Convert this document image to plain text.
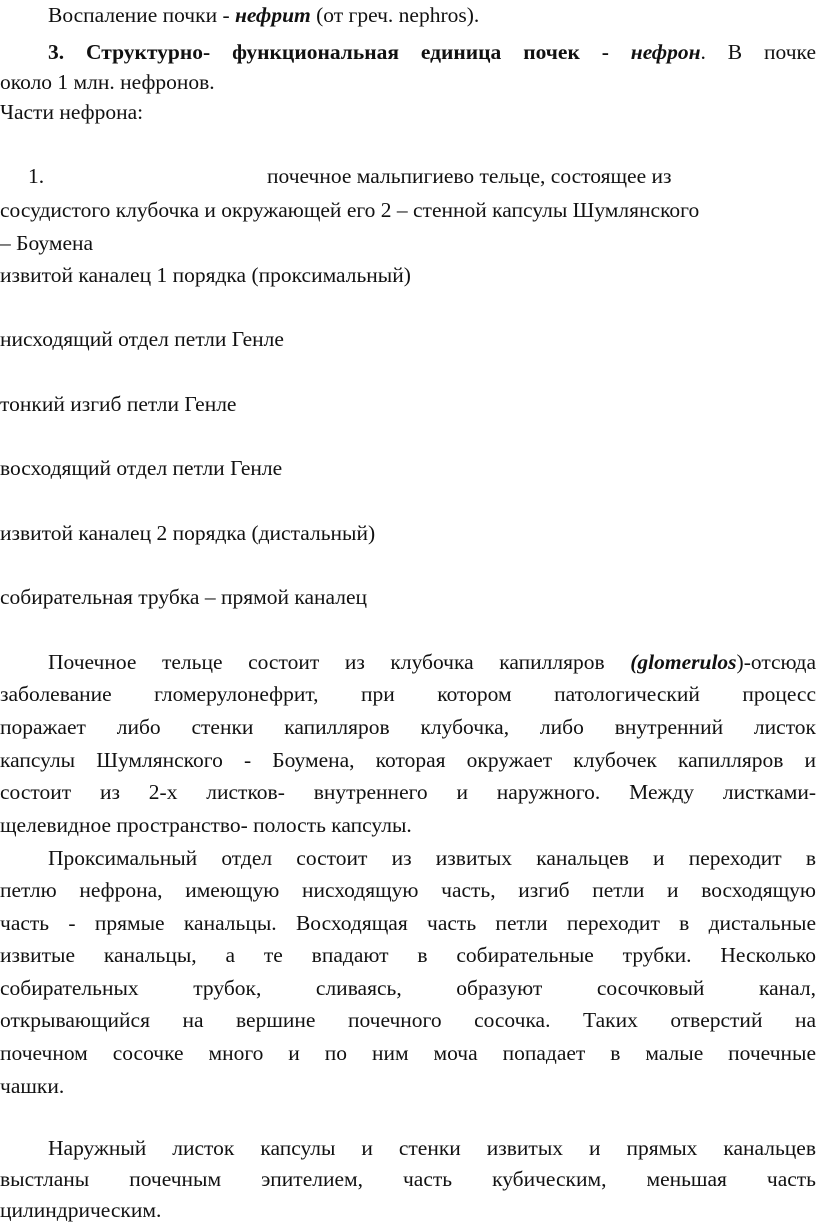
Воспаление почки - нефрит (от греч. nephros).
3. Структурно- функциональная единица почек - нефрон. В почке
около 1 млн. нефронов.
Части нефрона:
1.	почечное мальпигиево тельце, состоящее из
сосудистого клубочка и окружающей его 2 – стенной капсулы Шумлянского
– Боумена
извитой каналец 1 порядка (проксимальный)
нисходящий отдел петли Генле
тонкий изгиб петли Генле
восходящий отдел петли Генле
извитой каналец 2 порядка (дистальный)
собирательная трубка – прямой каналец
Почечное тельце состоит из клубочка капилляров (glomerulos)-отсюда
заболевание гломерулонефрит, при котором патологический процесс
поражает либо стенки капилляров клубочка, либо внутренний листок
капсулы Шумлянского - Боумена, которая окружает клубочек капилляров и
состоит из 2-х листков- внутреннего и наружного. Между листками-
щелевидное пространство- полость капсулы.
Проксимальный отдел состоит из извитых канальцев и переходит в
петлю нефрона, имеющую нисходящую часть, изгиб петли и восходящую
часть - прямые канальцы. Восходящая часть петли переходит в дистальные
извитые канальцы, а те впадают в собирательные трубки. Несколько
собирательных трубок, сливаясь, образуют сосочковый канал,
открывающийся на вершине почечного сосочка. Таких отверстий на
почечном сосочке много и по ним моча попадает в малые почечные
чашки.
Наружный листок капсулы и стенки извитых и прямых канальцев
выстланы почечным эпителием, часть кубическим, меньшая часть
цилиндрическим.
